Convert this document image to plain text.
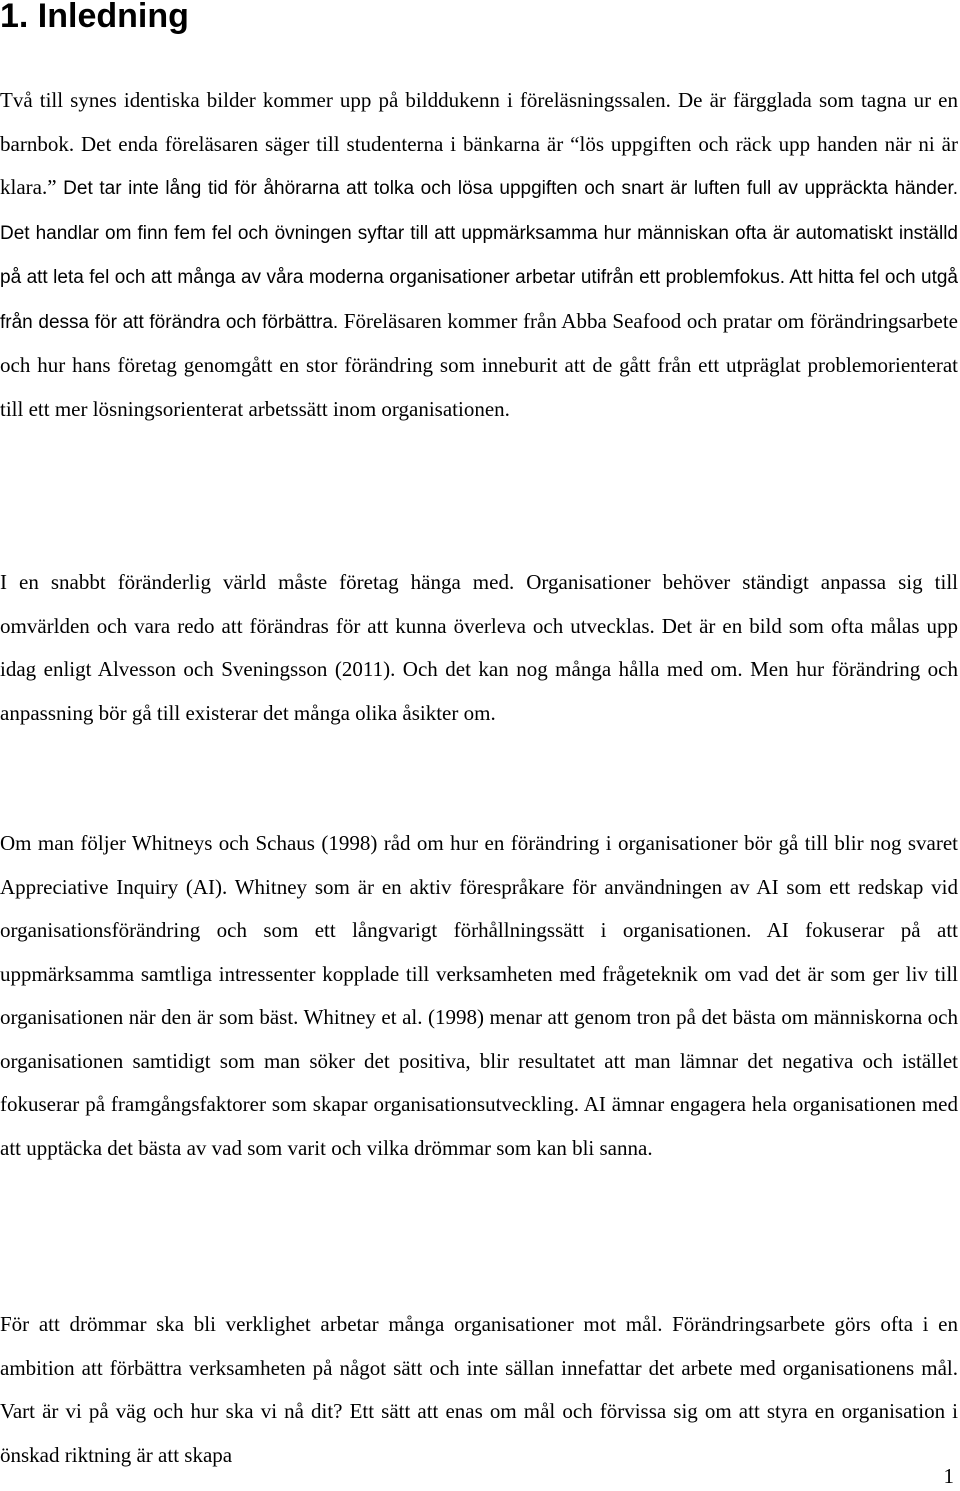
1. Inledning

Två till synes identiska bilder kommer upp på bilddukenn i föreläsningssalen. De är färgglada som tagna ur en barnbok. Det enda föreläsaren säger till studenterna i bänkarna är “lös uppgiften och räck upp handen när ni är klara.” Det tar inte lång tid för åhörarna att tolka och lösa uppgiften och snart är luften full av uppräckta händer. Det handlar om finn fem fel och övningen syftar till att uppmärksamma hur människan ofta är automatiskt inställd på att leta fel och att många av våra moderna organisationer arbetar utifrån ett problemfokus. Att hitta fel och utgå från dessa för att förändra och förbättra. Föreläsaren kommer från Abba Seafood och pratar om förändringsarbete och hur hans företag genomgått en stor förändring som inneburit att de gått från ett utpräglat problemorienterat till ett mer lösningsorienterat arbetssätt inom organisationen.

I en snabbt föränderlig värld måste företag hänga med. Organisationer behöver ständigt anpassa sig till omvärlden och vara redo att förändras för att kunna överleva och utvecklas. Det är en bild som ofta målas upp idag enligt Alvesson och Sveningsson (2011). Och det kan nog många hålla med om. Men hur förändring och anpassning bör gå till existerar det många olika åsikter om.

Om man följer Whitneys och Schaus (1998) råd om hur en förändring i organisationer bör gå till blir nog svaret Appreciative Inquiry (AI). Whitney som är en aktiv förespråkare för användningen av AI som ett redskap vid organisationsförändring och som ett långvarigt förhållningssätt i organisationen. AI fokuserar på att uppmärksamma samtliga intressenter kopplade till verksamheten med frågeteknik om vad det är som ger liv till organisationen när den är som bäst. Whitney et al. (1998) menar att genom tron på det bästa om människorna och organisationen samtidigt som man söker det positiva, blir resultatet att man lämnar det negativa och istället fokuserar på framgångsfaktorer som skapar organisationsutveckling. AI ämnar engagera hela organisationen med att upptäcka det bästa av vad som varit och vilka drömmar som kan bli sanna.

För att drömmar ska bli verklighet arbetar många organisationer mot mål. Förändringsarbete görs ofta i en ambition att förbättra verksamheten på något sätt och inte sällan innefattar det arbete med organisationens mål. Vart är vi på väg och hur ska vi nå dit? Ett sätt att enas om mål och förvissa sig om att styra en organisation i önskad riktning är att skapa

1
